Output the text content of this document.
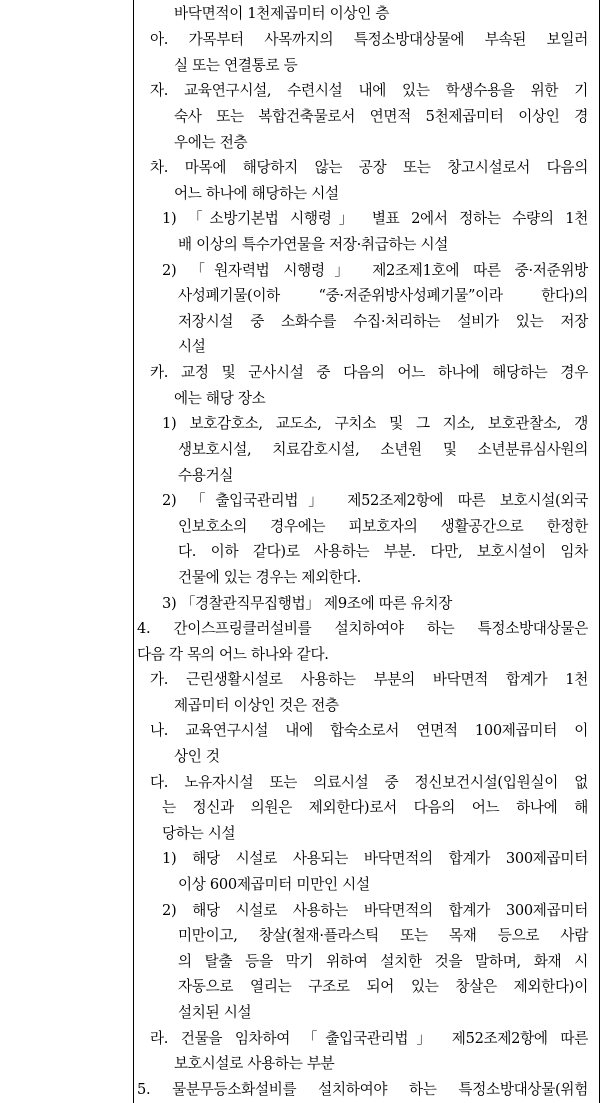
바닥면적이 1천제곱미터 이상인 층
아. 가목부터 사목까지의 특정소방대상물에 부속된 보일러
실 또는 연결통로 등
자. 교육연구시설, 수련시설 내에 있는 학생수용을 위한 기
숙사 또는 복합건축물로서 연면적 5천제곱미터 이상인 경
우에는 전층
차. 마목에 해당하지 않는 공장 또는 창고시설로서 다음의
어느 하나에 해당하는 시설
1) 「소방기본법 시행령」 별표 2에서 정하는 수량의 1천
배 이상의 특수가연물을 저장·취급하는 시설
2) 「원자력법 시행령」 제2조제1호에 따른 중·저준위방
사성폐기물(이하 “중·저준위방사성폐기물”이라 한다)의
저장시설 중 소화수를 수집·처리하는 설비가 있는 저장
시설
카. 교정 및 군사시설 중 다음의 어느 하나에 해당하는 경우
에는 해당 장소
1) 보호감호소, 교도소, 구치소 및 그 지소, 보호관찰소, 갱
생보호시설, 치료감호시설, 소년원 및 소년분류심사원의
수용거실
2) 「출입국관리법」 제52조제2항에 따른 보호시설(외국
인보호소의 경우에는 피보호자의 생활공간으로 한정한
다. 이하 같다)로 사용하는 부분. 다만, 보호시설이 임차
건물에 있는 경우는 제외한다.
3) 「경찰관직무집행법」 제9조에 따른 유치장
4. 간이스프링클러설비를 설치하여야 하는 특정소방대상물은
다음 각 목의 어느 하나와 같다.
가. 근린생활시설로 사용하는 부분의 바닥면적 합계가 1천
제곱미터 이상인 것은 전층
나. 교육연구시설 내에 합숙소로서 연면적 100제곱미터 이
상인 것
다. 노유자시설 또는 의료시설 중 정신보건시설(입원실이 없
는 정신과 의원은 제외한다)로서 다음의 어느 하나에 해
당하는 시설
1) 해당 시설로 사용되는 바닥면적의 합계가 300제곱미터
이상 600제곱미터 미만인 시설
2) 해당 시설로 사용하는 바닥면적의 합계가 300제곱미터
미만이고, 창살(철재·플라스틱 또는 목재 등으로 사람
의 탈출 등을 막기 위하여 설치한 것을 말하며, 화재 시
자동으로 열리는 구조로 되어 있는 창살은 제외한다)이
설치된 시설
라. 건물을 임차하여 「출입국관리법」 제52조제2항에 따른
보호시설로 사용하는 부분
5. 물분무등소화설비를 설치하여야 하는 특정소방대상물(위험
